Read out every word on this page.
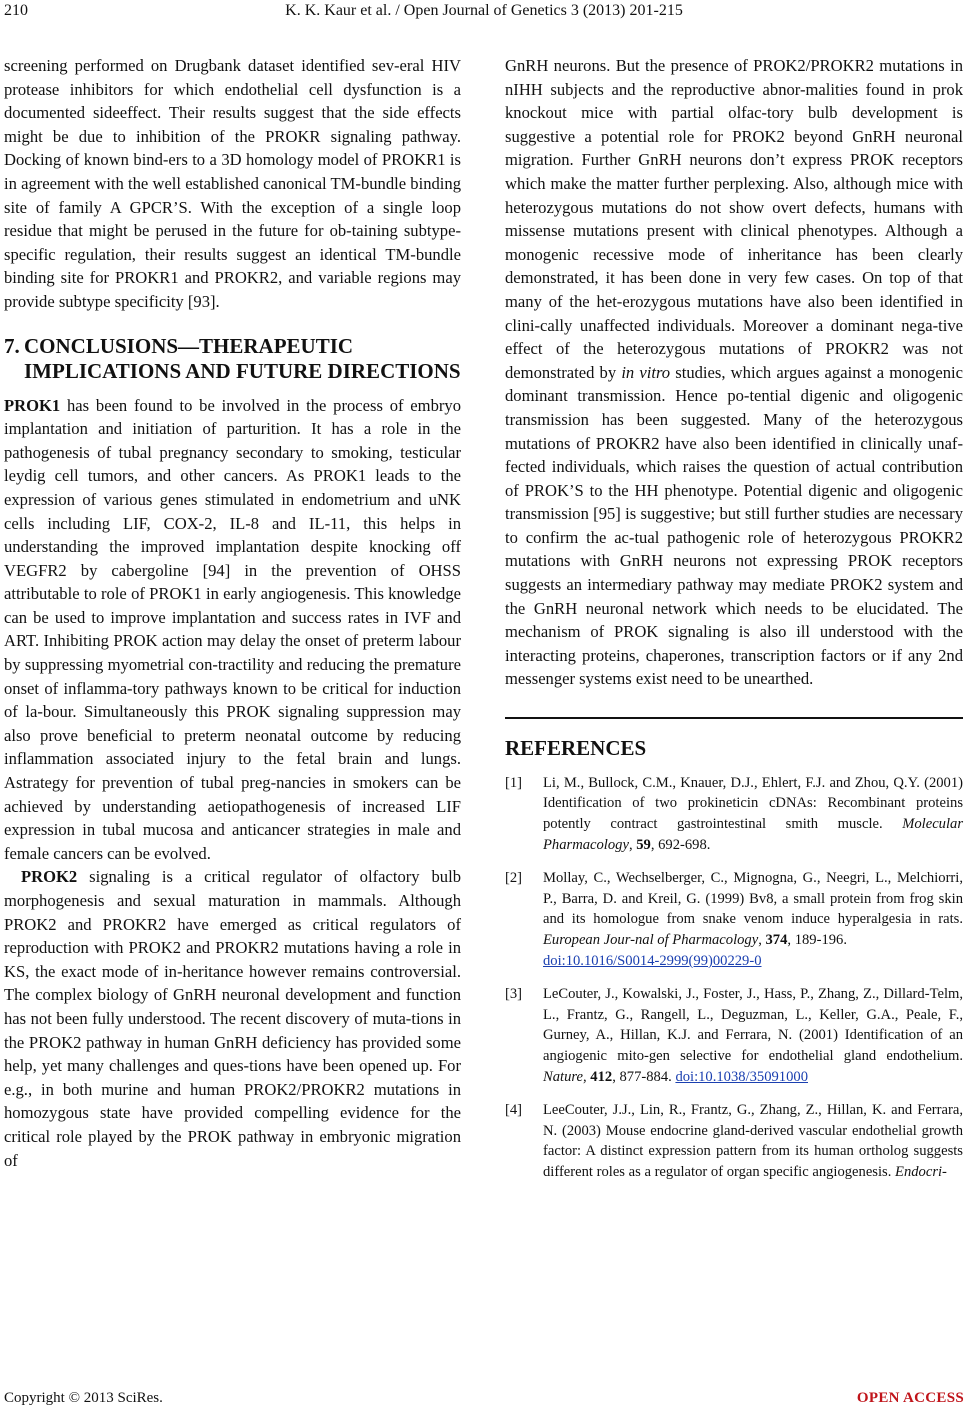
210	K. K. Kaur et al. / Open Journal of Genetics 3 (2013) 201-215

screening performed on Drugbank dataset identified sev-eral HIV protease inhibitors for which endothelial cell dysfunction is a documented sideeffect. Their results suggest that the side effects might be due to inhibition of the PROKR signaling pathway. Docking of known bind-ers to a 3D homology model of PROKR1 is in agreement with the well established canonical TM-bundle binding site of family A GPCR’S. With the exception of a single loop residue that might be perused in the future for ob-taining subtype-specific regulation, their results suggest an identical TM-bundle binding site for PROKR1 and PROKR2, and variable regions may provide subtype specificity [93].

7. CONCLUSIONS—THERAPEUTIC IMPLICATIONS AND FUTURE DIRECTIONS

PROK1 has been found to be involved in the process of embryo implantation and initiation of parturition. It has a role in the pathogenesis of tubal pregnancy secondary to smoking, testicular leydig cell tumors, and other cancers. As PROK1 leads to the expression of various genes stimulated in endometrium and uNK cells including LIF, COX-2, IL-8 and IL-11, this helps in understanding the improved implantation despite knocking off VEGFR2 by cabergoline [94] in the prevention of OHSS attributable to role of PROK1 in early angiogenesis. This knowledge can be used to improve implantation and success rates in IVF and ART. Inhibiting PROK action may delay the onset of preterm labour by suppressing myometrial con-tractility and reducing the premature onset of inflamma-tory pathways known to be critical for induction of la-bour. Simultaneously this PROK signaling suppression may also prove beneficial to preterm neonatal outcome by reducing inflammation associated injury to the fetal brain and lungs. Astrategy for prevention of tubal preg-nancies in smokers can be achieved by understanding aetiopathogenesis of increased LIF expression in tubal mucosa and anticancer strategies in male and female cancers can be evolved.

PROK2 signaling is a critical regulator of olfactory bulb morphogenesis and sexual maturation in mammals. Although PROK2 and PROKR2 have emerged as critical regulators of reproduction with PROK2 and PROKR2 mutations having a role in KS, the exact mode of in-heritance however remains controversial. The complex biology of GnRH neuronal development and function has not been fully understood. The recent discovery of muta-tions in the PROK2 pathway in human GnRH deficiency has provided some help, yet many challenges and ques-tions have been opened up. For e.g., in both murine and human PROK2/PROKR2 mutations in homozygous state have provided compelling evidence for the critical role played by the PROK pathway in embryonic migration of

GnRH neurons. But the presence of PROK2/PROKR2 mutations in nIHH subjects and the reproductive abnor-malities found in prok knockout mice with partial olfac-tory bulb development is suggestive a potential role for PROK2 beyond GnRH neuronal migration. Further GnRH neurons don’t express PROK receptors which make the matter further perplexing. Also, although mice with heterozygous mutations do not show overt defects, humans with missense mutations present with clinical phenotypes. Although a monogenic recessive mode of inheritance has been clearly demonstrated, it has been done in very few cases. On top of that many of the het-erozygous mutations have also been identified in clini-cally unaffected individuals. Moreover a dominant nega-tive effect of the heterozygous mutations of PROKR2 was not demonstrated by in vitro studies, which argues against a monogenic dominant transmission. Hence po-tential digenic and oligogenic transmission has been suggested. Many of the heterozygous mutations of PROKR2 have also been identified in clinically unaf-fected individuals, which raises the question of actual contribution of PROK’S to the HH phenotype. Potential digenic and oligogenic transmission [95] is suggestive; but still further studies are necessary to confirm the ac-tual pathogenic role of heterozygous PROKR2 mutations with GnRH neurons not expressing PROK receptors suggests an intermediary pathway may mediate PROK2 system and the GnRH neuronal network which needs to be elucidated. The mechanism of PROK signaling is also ill understood with the interacting proteins, chaperones, transcription factors or if any 2nd messenger systems exist need to be unearthed.

REFERENCES
[1]	Li, M., Bullock, C.M., Knauer, D.J., Ehlert, F.J. and Zhou, Q.Y. (2001) Identification of two prokineticin cDNAs: Recombinant proteins potently contract gastrointestinal smith muscle. Molecular Pharmacology, 59, 692-698.
[2]	Mollay, C., Wechselberger, C., Mignogna, G., Neegri, L., Melchiorri, P., Barra, D. and Kreil, G. (1999) Bv8, a small protein from frog skin and its homologue from snake venom induce hyperalgesia in rats. European Jour-nal of Pharmacology, 374, 189-196.
doi:10.1016/S0014-2999(99)00229-0
[3]	LeCouter, J., Kowalski, J., Foster, J., Hass, P., Zhang, Z., Dillard-Telm, L., Frantz, G., Rangell, L., Deguzman, L., Keller, G.A., Peale, F., Gurney, A., Hillan, K.J. and Ferrara, N. (2001) Identification of an angiogenic mito-gen selective for endothelial gland endothelium. Nature, 412, 877-884. doi:10.1038/35091000
[4]	LeeCouter, J.J., Lin, R., Frantz, G., Zhang, Z., Hillan, K. and Ferrara, N. (2003) Mouse endocrine gland-derived vascular endothelial growth factor: A distinct expression pattern from its human ortholog suggests different roles as a regulator of organ specific angiogenesis. Endocri-
Copyright © 2013 SciRes.	OPEN ACCESS
